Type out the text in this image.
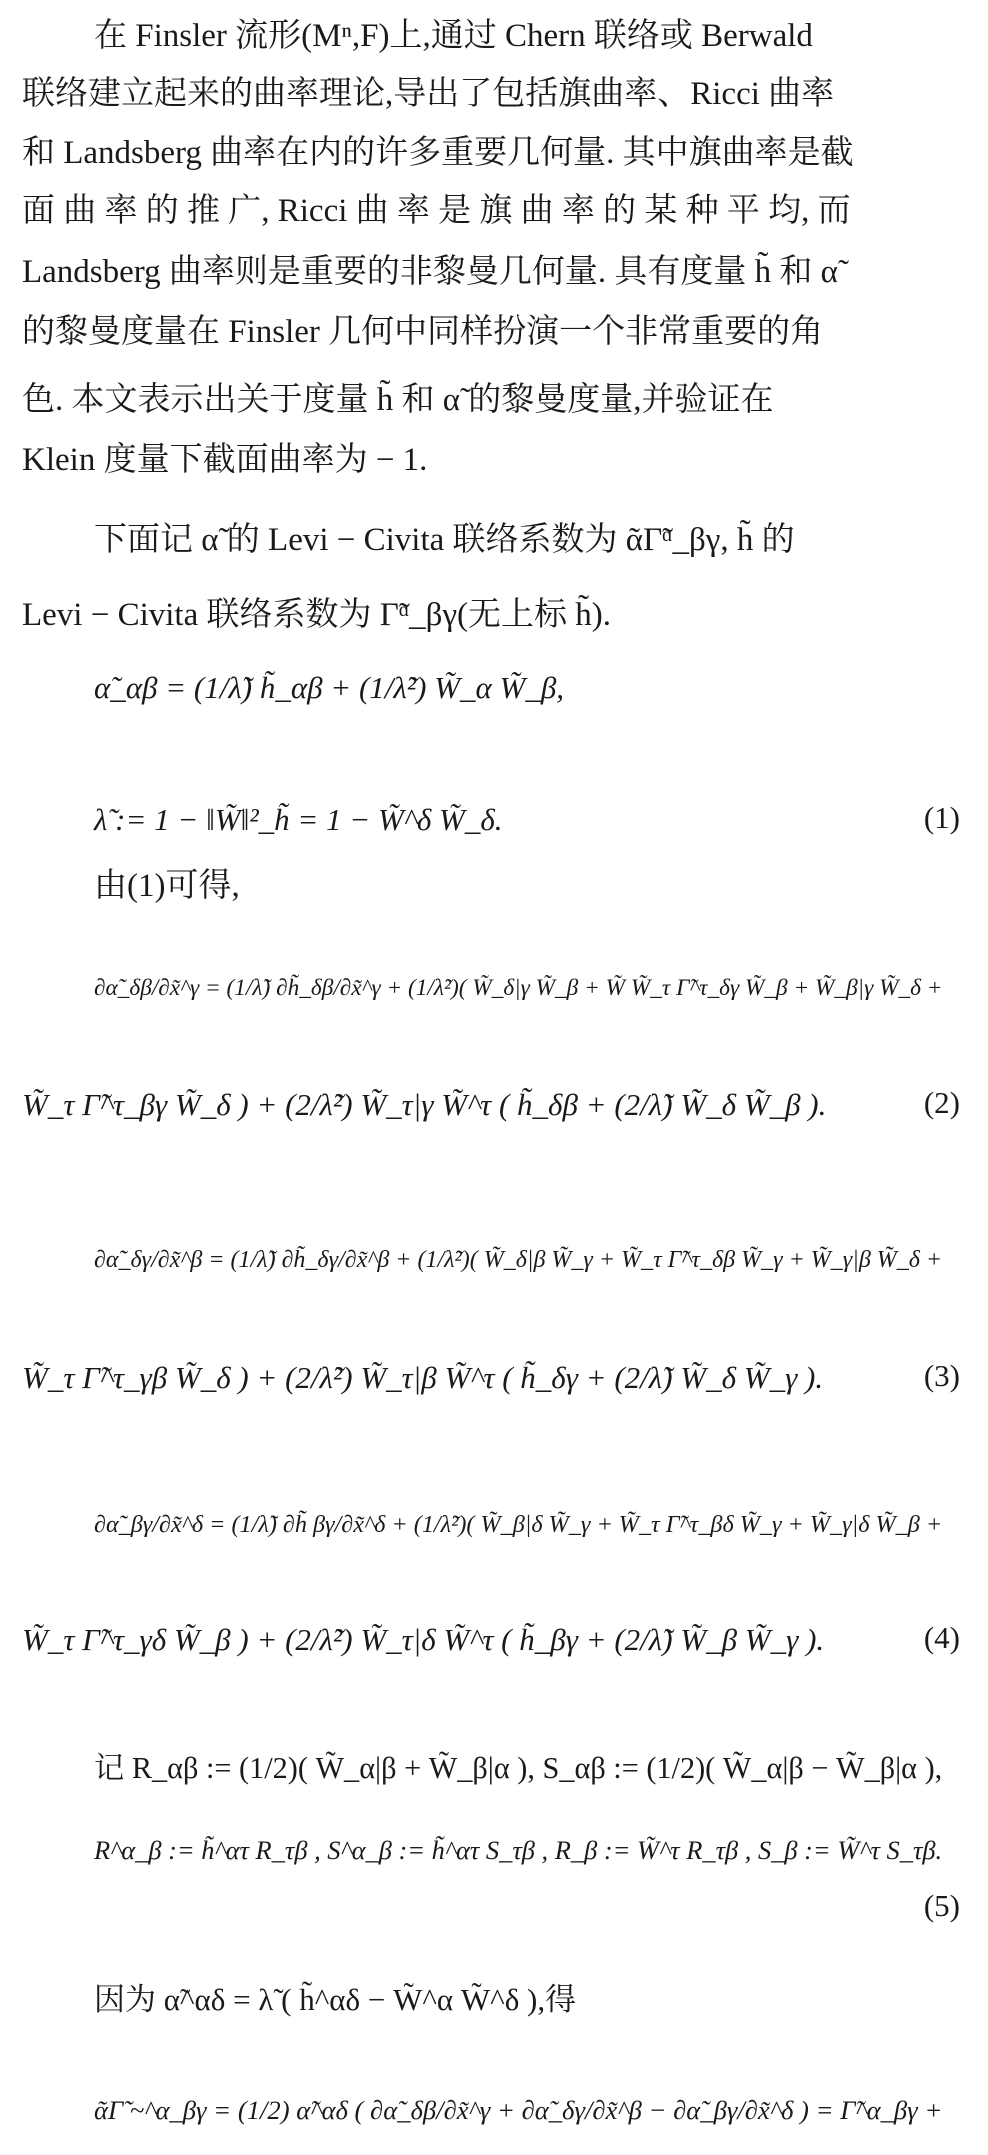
在 Finsler 流形(Mⁿ,F)上,通过 Chern 联络或 Berwald
联络建立起来的曲率理论,导出了包括旗曲率、Ricci 曲率
和 Landsberg 曲率在内的许多重要几何量. 其中旗曲率是截
面 曲 率 的 推 广, Ricci 曲 率 是 旗 曲 率 的 某 种 平 均, 而
Landsberg 曲率则是重要的非黎曼几何量. 具有度量 h̃ 和 α̃
的黎曼度量在 Finsler 几何中同样扮演一个非常重要的角
色. 本文表示出关于度量 h̃ 和 α̃ 的黎曼度量,并验证在
Klein 度量下截面曲率为 − 1.
下面记 α̃ 的 Levi − Civita 联络系数为 ᾶΓ̃ᵅ_βγ, h̃ 的
Levi − Civita 联络系数为 Γ̃ᵅ_βγ(无上标 h̃).
α̃_αβ = (1/λ̃) h̃_αβ + (1/λ̃²) W̃_α W̃_β,
λ̃ := 1 − ‖W̃‖²_h̃ = 1 − W̃^δ W̃_δ.	(1)
由(1)可得,
∂α̃_δβ/∂x̃^γ = (1/λ̃) ∂h̃_δβ/∂x̃^γ + (1/λ̃²)( W̃_δ|γ W̃_β + W̃ W̃_τ Γ̃^τ_δγ W̃_β + W̃_β|γ W̃_δ +
W̃_τ Γ̃^τ_βγ W̃_δ ) + (2/λ̃²) W̃_τ|γ W̃^τ ( h̃_δβ + (2/λ̃) W̃_δ W̃_β ).	(2)
∂α̃_δγ/∂x̃^β = (1/λ̃) ∂h̃_δγ/∂x̃^β + (1/λ̃²)( W̃_δ|β W̃_γ + W̃_τ Γ̃^τ_δβ W̃_γ + W̃_γ|β W̃_δ +
W̃_τ Γ̃^τ_γβ W̃_δ ) + (2/λ̃²) W̃_τ|β W̃^τ ( h̃_δγ + (2/λ̃) W̃_δ W̃_γ ).	(3)
∂α̃_βγ/∂x̃^δ = (1/λ̃) ∂h̃ βγ/∂x̃^δ + (1/λ̃²)( W̃_β|δ W̃_γ + W̃_τ Γ̃^τ_βδ W̃_γ + W̃_γ|δ W̃_β +
W̃_τ Γ̃^τ_γδ W̃_β ) + (2/λ̃²) W̃_τ|δ W̃^τ ( h̃_βγ + (2/λ̃) W̃_β W̃_γ ).	(4)
记 R_αβ := (1/2)( W̃_α|β + W̃_β|α ), S_αβ := (1/2)( W̃_α|β − W̃_β|α ),
R^α_β := h̃^ατ R_τβ , S^α_β := h̃^ατ S_τβ , R_β := W̃^τ R_τβ , S_β := W̃^τ S_τβ.
(5)
因为 α̃^αδ = λ̃ ( h̃^αδ − W̃^α W̃^δ ),得
ᾶΓ̃ ~^α_βγ = (1/2) α̃^αδ ( ∂α̃_δβ/∂x̃^γ + ∂α̃_δγ/∂x̃^β − ∂α̃_βγ/∂x̃^δ ) = Γ̃^α_βγ +
